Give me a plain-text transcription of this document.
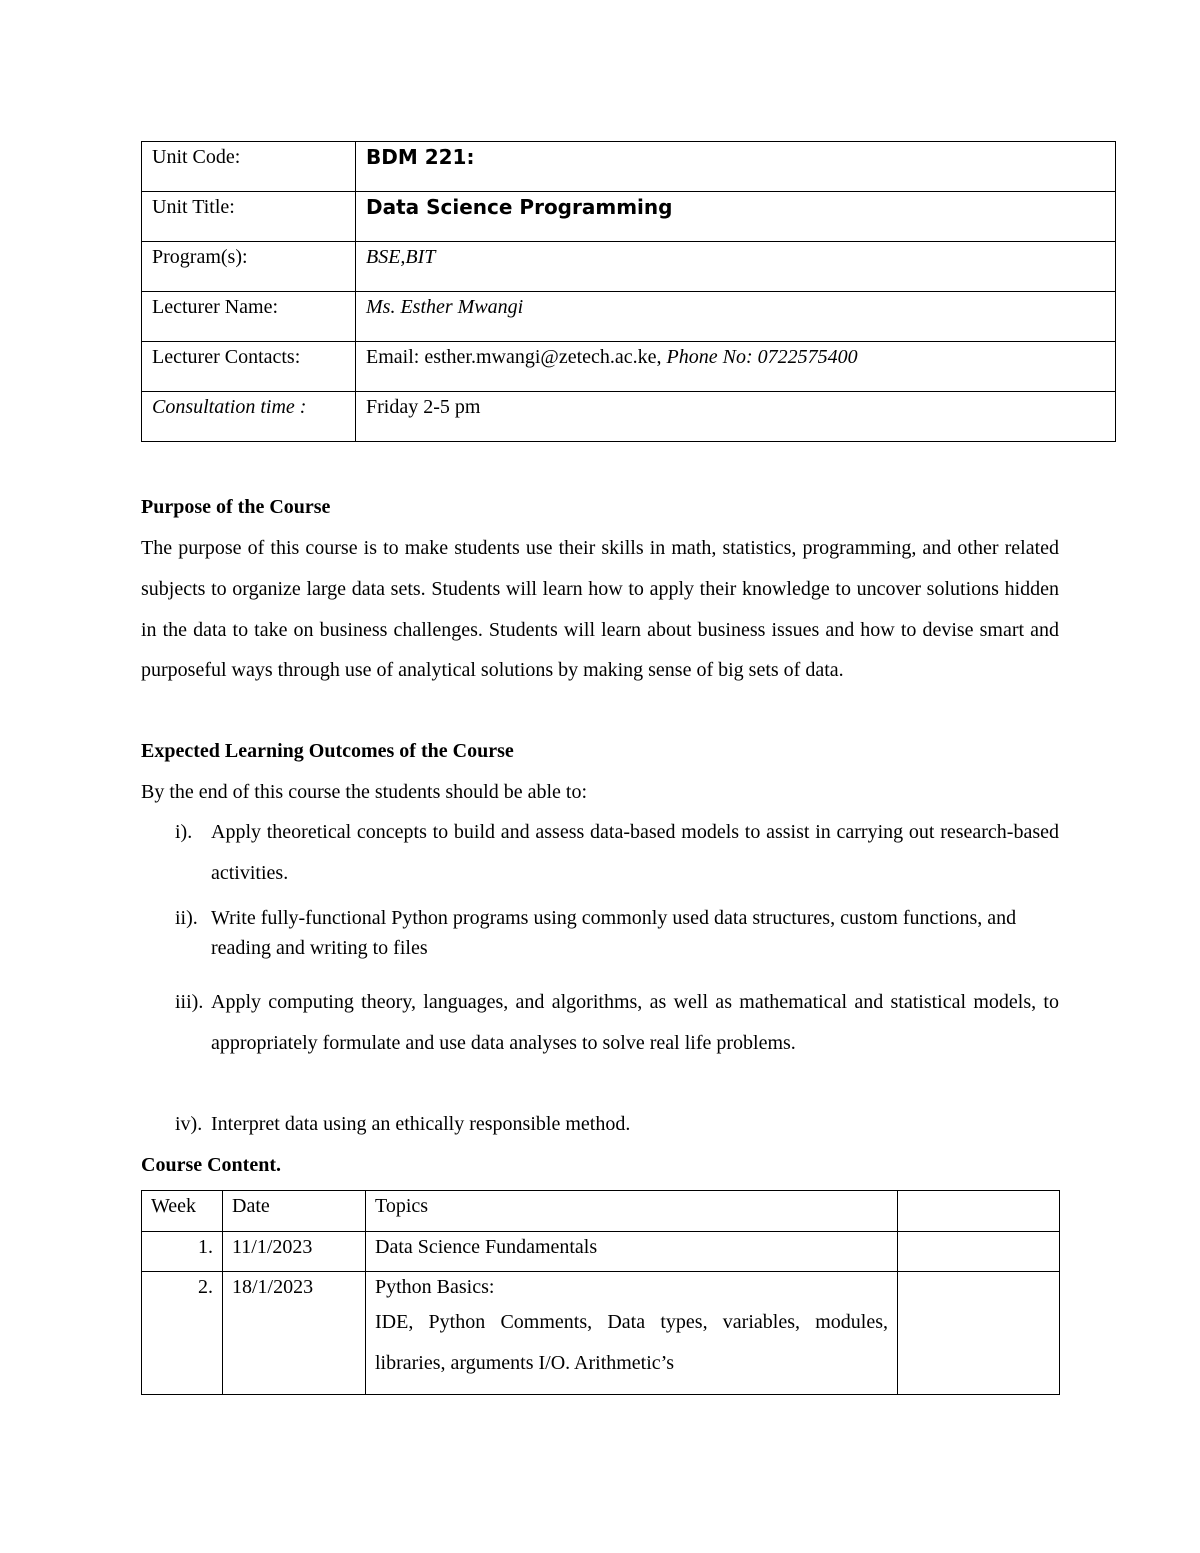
Unit Code:	BDM 221:
Unit Title:	Data Science Programming
Program(s):	BSE,BIT
Lecturer Name:	Ms. Esther Mwangi
Lecturer Contacts:	Email: esther.mwangi@zetech.ac.ke, Phone No: 0722575400
Consultation time :	Friday 2-5 pm
Purpose of the Course
The purpose of this course is to make students use their skills in math, statistics, programming, and other related subjects to organize large data sets. Students will learn how to apply their knowledge to uncover solutions hidden in the data to take on business challenges. Students will learn about business issues and how to devise smart and purposeful ways through use of analytical solutions by making sense of big sets of data.
Expected Learning Outcomes of the Course
By the end of this course the students should be able to:
i). Apply theoretical concepts to build and assess data-based models to assist in carrying out research-based activities.
ii). Write fully-functional Python programs using commonly used data structures, custom functions, and reading and writing to files
iii). Apply computing theory, languages, and algorithms, as well as mathematical and statistical models, to appropriately formulate and use data analyses to solve real life problems.
iv). Interpret data using an ethically responsible method.
Course Content.
Week	Date	Topics	
1.	11/1/2023	Data Science Fundamentals	

2.	18/1/2023	Python Basics:
IDE, Python Comments, Data types, variables, modules, libraries, arguments I/O. Arithmetic’s	
